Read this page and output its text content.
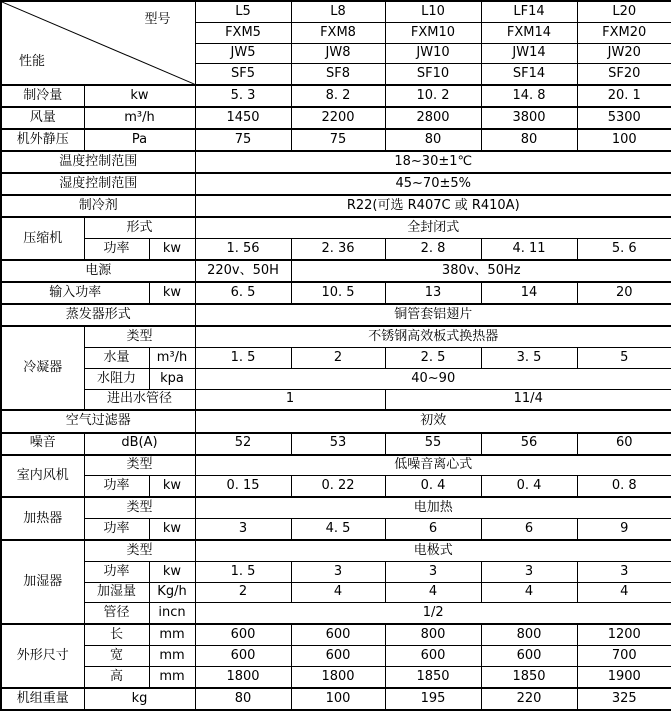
型号
性能			L5	L8	L10	LF14	L20
			FXM5	FXM8	FXM10	FXM14	FXM20
			JW5	JW8	JW10	JW14	JW20
			SF5	SF8	SF10	SF14	SF20
制冷量	kw		5. 3	8. 2	10. 2	14. 8	20. 1
风量	m³/h		1450	2200	2800	3800	5300
机外静压	Pa		75	75	80	80	100
温度控制范围			18~30±1℃				
湿度控制范围			45~70±5%				
制冷剂			R22(可选 R407C 或 R410A)				
压缩机	形式		全封闭式				
	功率	kw	1. 56	2. 36	2. 8	4. 11	5. 6
电源			220v、50H	380v、50Hz			
输入功率		kw	6. 5	10. 5	13	14	20
蒸发器形式			铜管套铝翅片				
冷凝器	类型		不锈钢高效板式换热器				
	水量	m³/h	1. 5	2	2. 5	3. 5	5
	水阻力	kpa	40~90				
	进出水管径		1		11/4		
空气过滤器			初效				
噪音	dB(A)		52	53	55	56	60
室内风机	类型		低噪音离心式				
	功率	kw	0. 15	0. 22	0. 4	0. 4	0. 8
加热器	类型		电加热				
	功率	kw	3	4. 5	6	6	9
加湿器	类型		电极式				
	功率	kw	1. 5	3	3	3	3
	加湿量	Kg/h	2	4	4	4	4
	管径	incn	1/2				
外形尺寸	长	mm	600	600	800	800	1200
	宽	mm	600	600	600	600	700
	高	mm	1800	1800	1850	1850	1900
机组重量	kg		80	100	195	220	325
